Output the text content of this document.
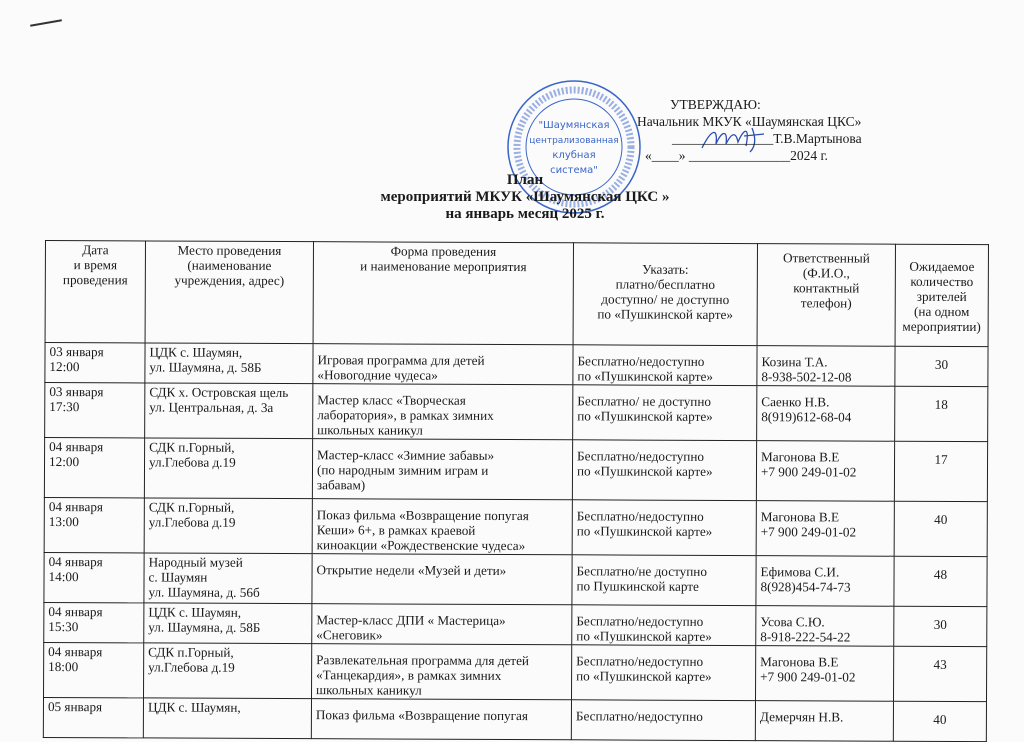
"Шаумянская
централизованная
клубная
система"
УТВЕРЖДАЮ:
Начальник МКУК «Шаумянская ЦКС»
_______________Т.В.Мартынова
«____» _______________2024 г.
План
мероприятий МКУК «Шаумянская ЦКС »
на январь месяц 2025 г.
Дата
и время
проведения	Место проведения
(наименование
учреждения, адрес)	Форма проведения
и наименование мероприятия	Указать:
платно/бесплатно
доступно/ не доступно
по «Пушкинской карте»	Ответственный
(Ф.И.О.,
контактный
телефон)	Ожидаемое
количество
зрителей
(на одном
мероприятии)
03 января
12:00	ЦДК с. Шаумян,
ул. Шаумяна, д. 58Б	Игровая программа для детей
«Новогодние чудеса»	Бесплатно/недоступно
по «Пушкинской карте»	Козина Т.А.
8-938-502-12-08	30
03 января
17:30	СДК х. Островская щель
ул. Центральная, д. 3а	Мастер класс «Творческая
лаборатория», в рамках зимних
школьных каникул	Бесплатно/ не доступно
по «Пушкинской карте»	Саенко Н.В.
8(919)612-68-04	18
04 января
12:00	СДК п.Горный,
ул.Глебова д.19	Мастер-класс «Зимние забавы»
(по народным зимним играм и
забавам)	Бесплатно/недоступно
по «Пушкинской карте»	Магонова В.Е
+7 900 249-01-02	17
04 января
13:00	СДК п.Горный,
ул.Глебова д.19	Показ фильма «Возвращение попугая
Кеши» 6+, в рамках краевой
киноакции «Рождественские чудеса»	Бесплатно/недоступно
по «Пушкинской карте»	Магонова В.Е
+7 900 249-01-02	40
04 января
14:00	Народный музей
с. Шаумян
ул. Шаумяна, д. 56б	Открытие недели «Музей и дети»	Бесплатно/не доступно
по Пушкинской карте	Ефимова С.И.
8(928)454-74-73	48
04 января
15:30	ЦДК с. Шаумян,
ул. Шаумяна, д. 58Б	Мастер-класс ДПИ « Мастерица»
«Снеговик»	Бесплатно/недоступно
по «Пушкинской карте»	Усова С.Ю.
8-918-222-54-22	30
04 января
18:00	СДК п.Горный,
ул.Глебова д.19	Развлекательная программа для детей
«Танцекардия», в рамках зимних
школьных каникул	Бесплатно/недоступно
по «Пушкинской карте»	Магонова В.Е
+7 900 249-01-02	43
05 января	ЦДК с. Шаумян,	Показ фильма «Возвращение попугая	Бесплатно/недоступно	Демерчян Н.В.	40
